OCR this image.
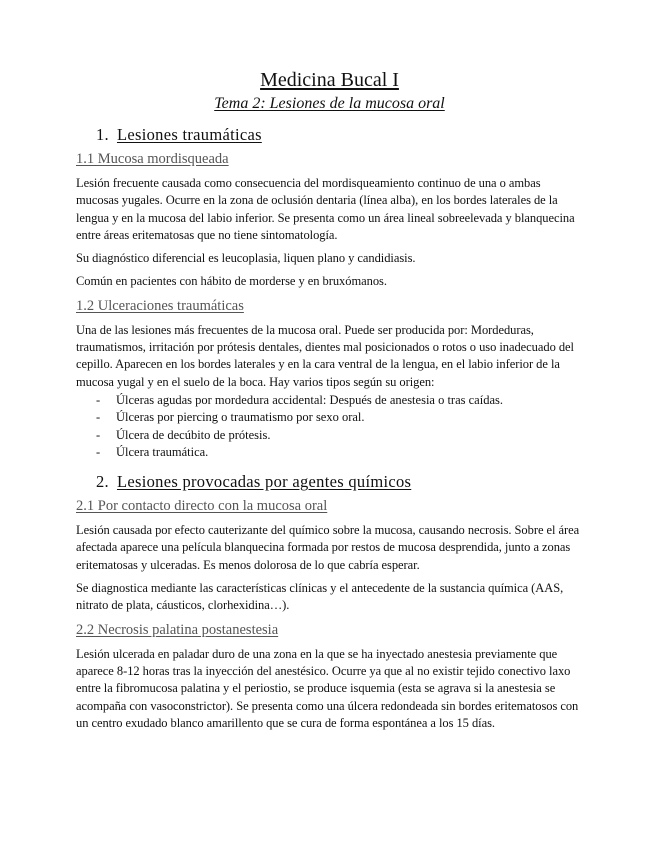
Medicina Bucal I
Tema 2: Lesiones de la mucosa oral
1. Lesiones traumáticas
1.1 Mucosa mordisqueada

Lesión frecuente causada como consecuencia del mordisqueamiento continuo de una o ambas mucosas yugales. Ocurre en la zona de oclusión dentaria (línea alba), en los bordes laterales de la lengua y en la mucosa del labio inferior. Se presenta como un área lineal sobreelevada y blanquecina entre áreas eritematosas que no tiene sintomatología.

Su diagnóstico diferencial es leucoplasia, liquen plano y candidiasis.

Común en pacientes con hábito de morderse y en bruxómanos.

1.2 Ulceraciones traumáticas

Una de las lesiones más frecuentes de la mucosa oral. Puede ser producida por: Mordeduras, traumatismos, irritación por prótesis dentales, dientes mal posicionados o rotos o uso inadecuado del cepillo. Aparecen en los bordes laterales y en la cara ventral de la lengua, en el labio inferior de la mucosa yugal y en el suelo de la boca. Hay varios tipos según su origen:

-	Úlceras agudas por mordedura accidental: Después de anestesia o tras caídas.
-	Úlceras por piercing o traumatismo por sexo oral.
-	Úlcera de decúbito de prótesis.
-	Úlcera traumática.
2. Lesiones provocadas por agentes químicos
2.1 Por contacto directo con la mucosa oral

Lesión causada por efecto cauterizante del químico sobre la mucosa, causando necrosis. Sobre el área afectada aparece una película blanquecina formada por restos de mucosa desprendida, junto a zonas eritematosas y ulceradas. Es menos dolorosa de lo que cabría esperar.

Se diagnostica mediante las características clínicas y el antecedente de la sustancia química (AAS, nitrato de plata, cáusticos, clorhexidina…).

2.2 Necrosis palatina postanestesia

Lesión ulcerada en paladar duro de una zona en la que se ha inyectado anestesia previamente que aparece 8-12 horas tras la inyección del anestésico. Ocurre ya que al no existir tejido conectivo laxo entre la fibromucosa palatina y el periostio, se produce isquemia (esta se agrava si la anestesia se acompaña con vasoconstrictor). Se presenta como una úlcera redondeada sin bordes eritematosos con un centro exudado blanco amarillento que se cura de forma espontánea a los 15 días.
